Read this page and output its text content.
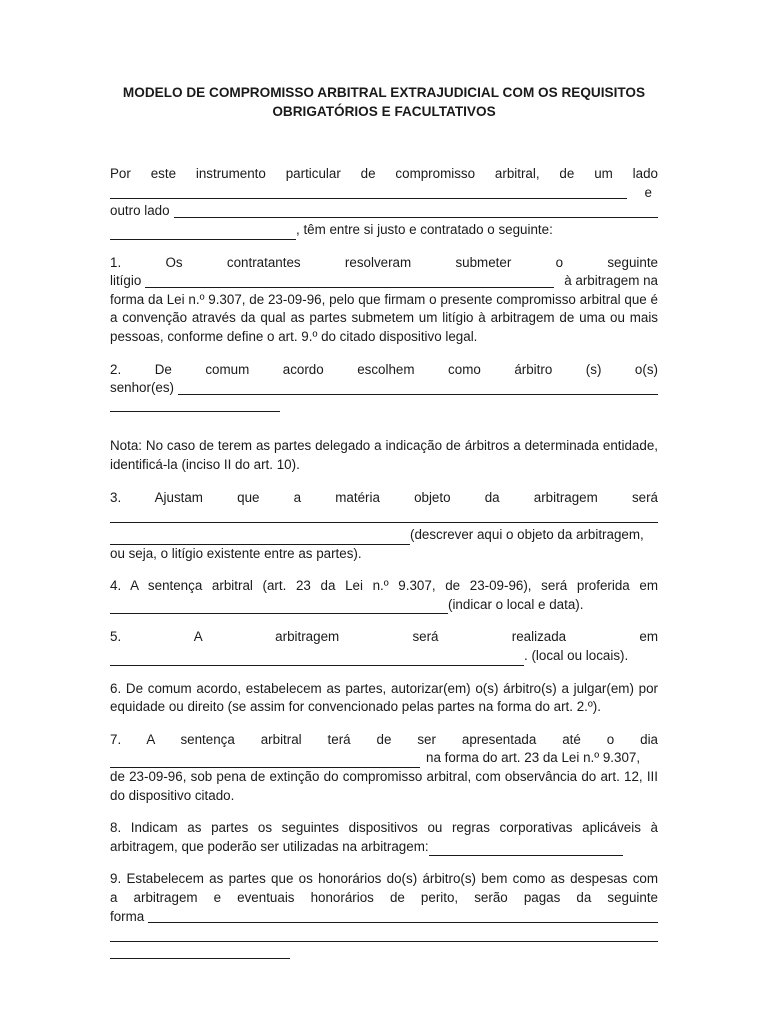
MODELO DE COMPROMISSO ARBITRAL EXTRAJUDICIAL COM OS REQUISITOS
OBRIGATÓRIOS E FACULTATIVOS

Por este instrumento particular de compromisso arbitral, de um lado
e
outro lado
, têm entre si justo e contratado o seguinte:

1. Os contratantes resolveram submeter o seguinte
litígio	à arbitragem na
forma da Lei n.º 9.307, de 23-09-96, pelo que firmam o presente compromisso arbitral que é a convenção através da qual as partes submetem um litígio à arbitragem de uma ou mais pessoas, conforme define o art. 9.º do citado dispositivo legal.

2. De comum acordo escolhem como árbitro (s) o(s)
senhor(es)

Nota: No caso de terem as partes delegado a indicação de árbitros a determinada entidade, identificá-la (inciso II do art. 10).

3. Ajustam que a matéria objeto da arbitragem será
(descrever aqui o objeto da arbitragem,
ou seja, o litígio existente entre as partes).

4. A sentença arbitral (art. 23 da Lei n.º 9.307, de 23-09-96), será proferida em
(indicar o local e data).

5. A arbitragem será realizada em
. (local ou locais).

6. De comum acordo, estabelecem as partes, autorizar(em) o(s) árbitro(s) a julgar(em) por equidade ou direito (se assim for convencionado pelas partes na forma do art. 2.º).

7. A sentença arbitral terá de ser apresentada até o dia
na forma do art. 23 da Lei n.º 9.307,
de 23-09-96, sob pena de extinção do compromisso arbitral, com observância do art. 12, III do dispositivo citado.

8. Indicam as partes os seguintes dispositivos ou regras corporativas aplicáveis à
arbitragem, que poderão ser utilizadas na arbitragem:

9. Estabelecem as partes que os honorários do(s) árbitro(s) bem como as despesas com
a arbitragem e eventuais honorários de perito, serão pagas da seguinte
forma
